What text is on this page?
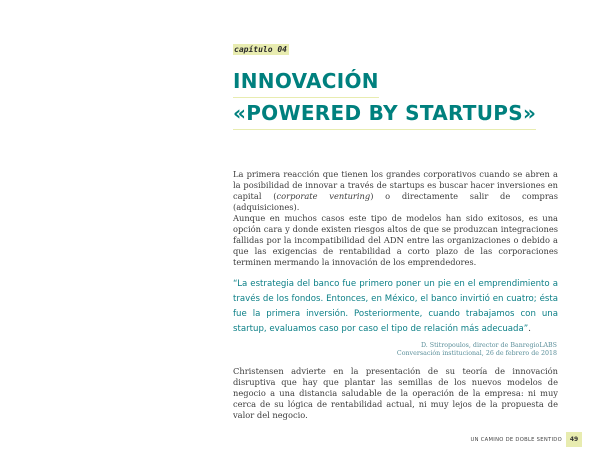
capítulo 04
INNOVACIÓN
«POWERED BY STARTUPS»

La primera reacción que tienen los grandes corporativos cuando se abren a la posibilidad de innovar a través de startups es buscar hacer inversiones en capital (corporate venturing) o directamente salir de compras (adquisiciones).

Aunque en muchos casos este tipo de modelos han sido exitosos, es una opción cara y donde existen riesgos altos de que se produzcan integraciones fallidas por la incompatibilidad del ADN entre las organizaciones o debido a que las exigencias de rentabilidad a corto plazo de las corporaciones terminen mermando la innovación de los emprendedores.

“La estrategia del banco fue primero poner un pie en el emprendimiento a través de los fondos. Entonces, en México, el banco invirtió en cuatro; ésta fue la primera inversión. Posteriormente, cuando trabajamos con una startup, evaluamos caso por caso el tipo de relación más adecuada”.

D. Stitropoulos, director de BanregioLABS
Conversación institucional, 26 de febrero de 2018

Christensen advierte en la presentación de su teoría de innovación disruptiva que hay que plantar las semillas de los nuevos modelos de negocio a una distancia saludable de la operación de la empresa: ni muy cerca de su lógica de rentabilidad actual, ni muy lejos de la propuesta de valor del negocio.

UN CAMINO DE DOBLE SENTIDO	49
